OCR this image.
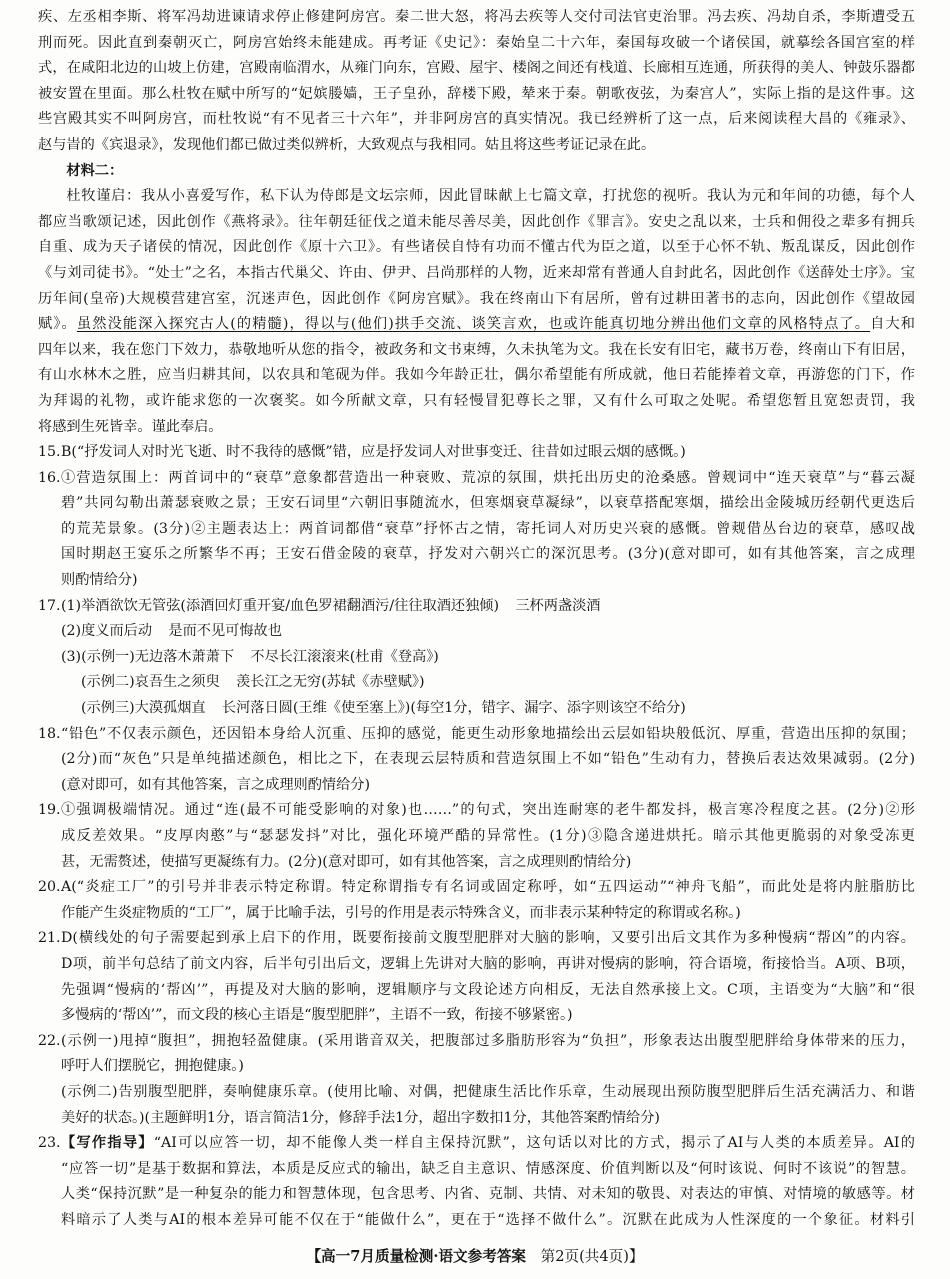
疾、左丞相李斯、将军冯劫进谏请求停止修建阿房宫。秦二世大怒，将冯去疾等人交付司法官吏治罪。冯去疾、冯劫自杀，李斯遭受五
刑而死。因此直到秦朝灭亡，阿房宫始终未能建成。再考证《史记》：秦始皇二十六年，秦国每攻破一个诸侯国，就摹绘各国宫室的样
式，在咸阳北边的山坡上仿建，宫殿南临渭水，从雍门向东，宫殿、屋宇、楼阁之间还有栈道、长廊相互连通，所获得的美人、钟鼓乐器都
被安置在里面。那么杜牧在赋中所写的“妃嫔媵嫱，王子皇孙，辞楼下殿，辇来于秦。朝歌夜弦，为秦宫人”，实际上指的是这件事。这
些宫殿其实不叫阿房宫，而杜牧说“有不见者三十六年”，并非阿房宫的真实情况。我已经辨析了这一点，后来阅读程大昌的《雍录》、
赵与旹的《宾退录》，发现他们都已做过类似辨析，大致观点与我相同。姑且将这些考证记录在此。
材料二：
杜牧谨启：我从小喜爱写作，私下认为侍郎是文坛宗师，因此冒昧献上七篇文章，打扰您的视听。我认为元和年间的功德，每个人
都应当歌颂记述，因此创作《燕将录》。往年朝廷征伐之道未能尽善尽美，因此创作《罪言》。安史之乱以来，士兵和佣役之辈多有拥兵
自重、成为天子诸侯的情况，因此创作《原十六卫》。有些诸侯自恃有功而不懂古代为臣之道，以至于心怀不轨、叛乱谋反，因此创作
《与刘司徒书》。“处士”之名，本指古代巢父、许由、伊尹、吕尚那样的人物，近来却常有普通人自封此名，因此创作《送薛处士序》。宝
历年间(皇帝)大规模营建宫室，沉迷声色，因此创作《阿房宫赋》。我在终南山下有居所，曾有过耕田著书的志向，因此创作《望故园
赋》。虽然没能深入探究古人(的精髓)，得以与(他们)拱手交流、谈笑言欢，也或许能真切地分辨出他们文章的风格特点了。自大和
四年以来，我在您门下效力，恭敬地听从您的指令，被政务和文书束缚，久未执笔为文。我在长安有旧宅，藏书万卷，终南山下有旧居，
有山水林木之胜，应当归耕其间，以农具和笔砚为伴。我如今年龄正壮，偶尔希望能有所成就，他日若能捧着文章，再游您的门下，作
为拜谒的礼物，或许能求您的一次褒奖。如今所献文章，只有轻慢冒犯尊长之罪，又有什么可取之处呢。希望您暂且宽恕责罚，我
将感到生死皆幸。谨此奉启。
15. B(“抒发词人对时光飞逝、时不我待的感慨”错，应是抒发词人对世事变迁、往昔如过眼云烟的感慨。)
16. ①营造氛围上：两首词中的“衰草”意象都营造出一种衰败、荒凉的氛围，烘托出历史的沧桑感。曾觌词中“连天衰草”与“暮云凝
碧”共同勾勒出萧瑟衰败之景；王安石词里“六朝旧事随流水，但寒烟衰草凝绿”，以衰草搭配寒烟，描绘出金陵城历经朝代更迭后
的荒芜景象。(3分)②主题表达上：两首词都借“衰草”抒怀古之情，寄托词人对历史兴衰的感慨。曾觌借丛台边的衰草，感叹战
国时期赵王宴乐之所繁华不再；王安石借金陵的衰草，抒发对六朝兴亡的深沉思考。(3分)(意对即可，如有其他答案，言之成理
则酌情给分)
17. (1)举酒欲饮无管弦(添酒回灯重开宴/血色罗裙翻酒污/往往取酒还独倾) 三杯两盏淡酒
(2)度义而后动 是而不见可悔故也
(3)(示例一)无边落木萧萧下 不尽长江滚滚来(杜甫《登高》)
(示例二)哀吾生之须臾 羡长江之无穷(苏轼《赤壁赋》)
(示例三)大漠孤烟直 长河落日圆(王维《使至塞上》)(每空1分，错字、漏字、添字则该空不给分)
18. “铅色”不仅表示颜色，还因铅本身给人沉重、压抑的感觉，能更生动形象地描绘出云层如铅块般低沉、厚重，营造出压抑的氛围；
(2分)而“灰色”只是单纯描述颜色，相比之下，在表现云层特质和营造氛围上不如“铅色”生动有力，替换后表达效果减弱。(2分)
(意对即可，如有其他答案，言之成理则酌情给分)
19. ①强调极端情况。通过“连(最不可能受影响的对象)也……”的句式，突出连耐寒的老牛都发抖，极言寒冷程度之甚。(2分)②形
成反差效果。“皮厚肉憨”与“瑟瑟发抖”对比，强化环境严酷的异常性。(1分)③隐含递进烘托。暗示其他更脆弱的对象受冻更
甚，无需赘述，使描写更凝练有力。(2分)(意对即可，如有其他答案，言之成理则酌情给分)
20. A(“炎症工厂”的引号并非表示特定称谓。特定称谓指专有名词或固定称呼，如“五四运动”“神舟飞船”，而此处是将内脏脂肪比
作能产生炎症物质的“工厂”，属于比喻手法，引号的作用是表示特殊含义，而非表示某种特定的称谓或名称。)
21. D(横线处的句子需要起到承上启下的作用，既要衔接前文腹型肥胖对大脑的影响，又要引出后文其作为多种慢病“帮凶”的内容。
D项，前半句总结了前文内容，后半句引出后文，逻辑上先讲对大脑的影响，再讲对慢病的影响，符合语境，衔接恰当。A项、B项，
先强调“慢病的‘帮凶’”，再提及对大脑的影响，逻辑顺序与文段论述方向相反，无法自然承接上文。C项，主语变为“大脑”和“很
多慢病的‘帮凶’”，而文段的核心主语是“腹型肥胖”，主语不一致，衔接不够紧密。)
22. (示例一)甩掉“腹担”，拥抱轻盈健康。(采用谐音双关，把腹部过多脂肪形容为“负担”，形象表达出腹型肥胖给身体带来的压力，
呼吁人们摆脱它，拥抱健康。)
(示例二)告别腹型肥胖，奏响健康乐章。(使用比喻、对偶，把健康生活比作乐章，生动展现出预防腹型肥胖后生活充满活力、和谐
美好的状态。)(主题鲜明1分，语言简洁1分，修辞手法1分，超出字数扣1分，其他答案酌情给分)
23. 【写作指导】“AI可以应答一切，却不能像人类一样自主保持沉默”，这句话以对比的方式，揭示了AI与人类的本质差异。AI的
“应答一切”是基于数据和算法，本质是反应式的输出，缺乏自主意识、情感深度、价值判断以及“何时该说、何时不该说”的智慧。
人类“保持沉默”是一种复杂的能力和智慧体现，包含思考、内省、克制、共情、对未知的敬畏、对表达的审慎、对情境的敏感等。材
料暗示了人类与AI的根本差异可能不仅在于“能做什么”，更在于“选择不做什么”。沉默在此成为人性深度的一个象征。材料引
【高一7月质量检测·语文参考答案 第2页(共4页)】
